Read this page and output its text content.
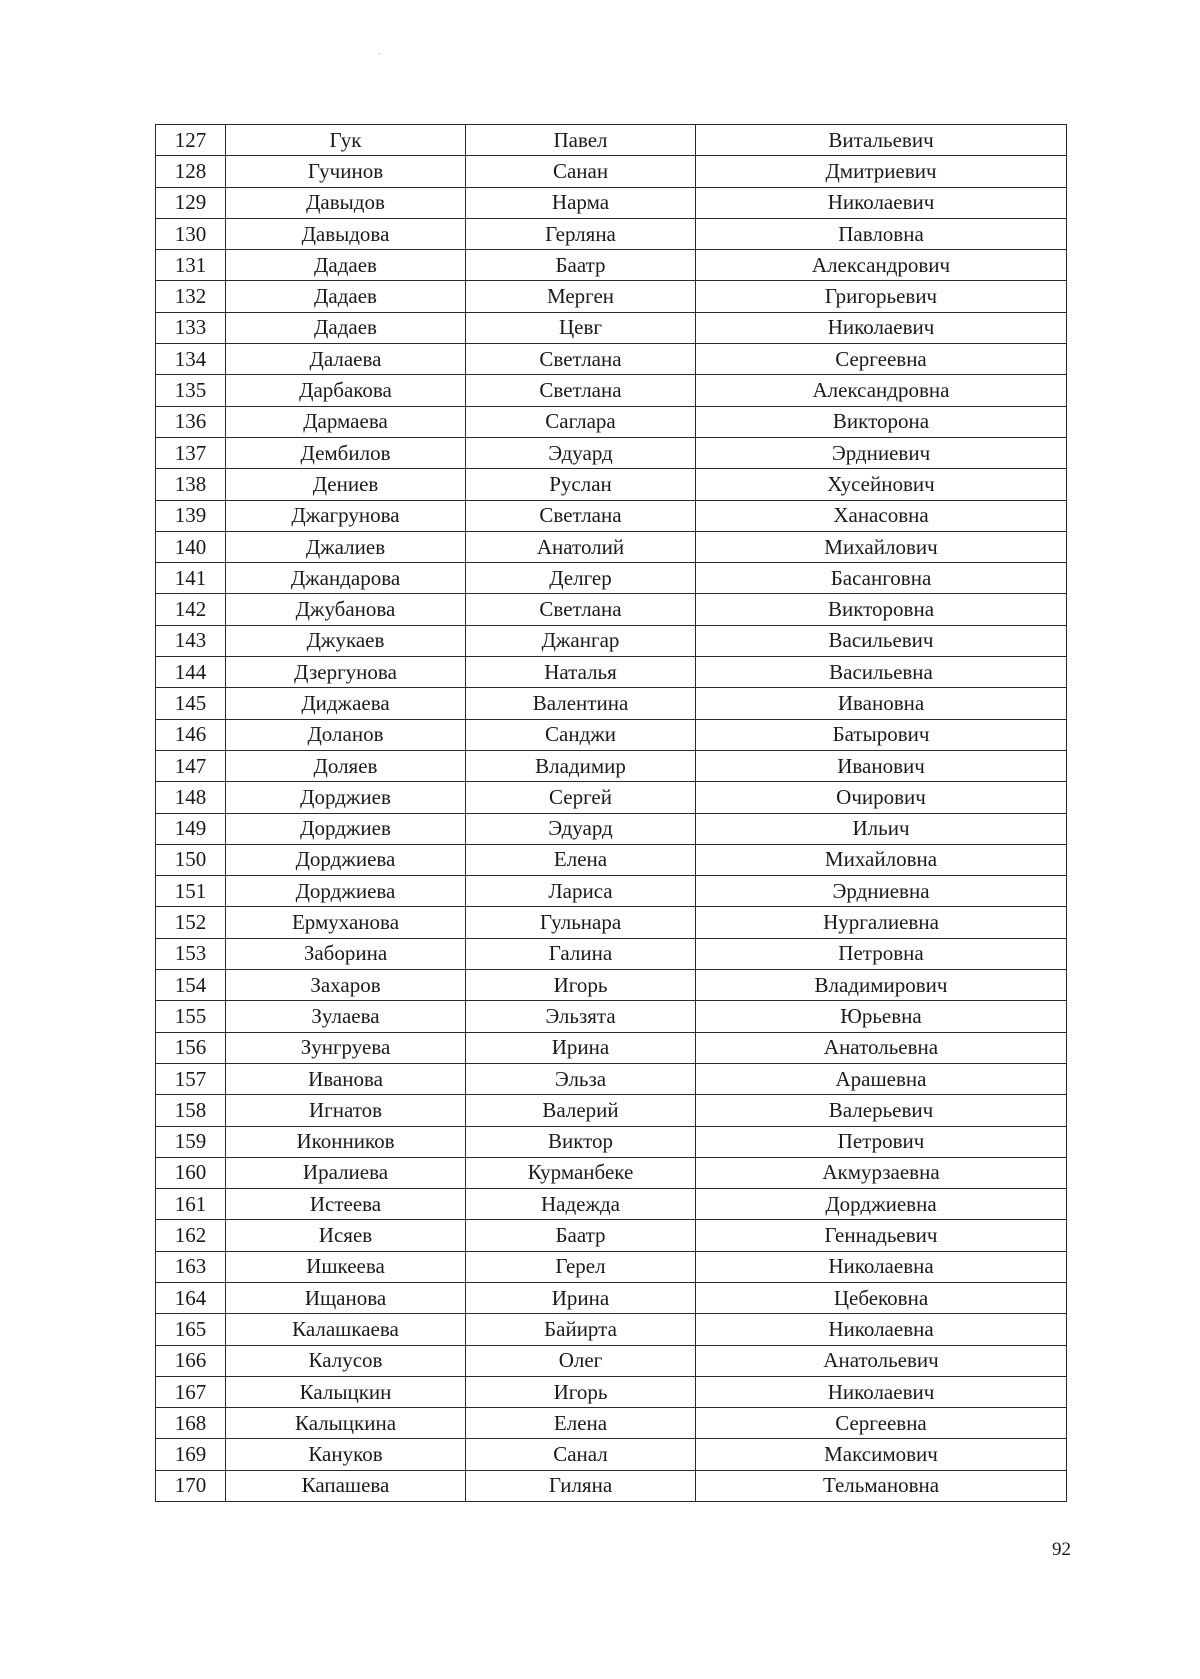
127	Гук	Павел	Витальевич
128	Гучинов	Санан	Дмитриевич
129	Давыдов	Нарма	Николаевич
130	Давыдова	Герляна	Павловна
131	Дадаев	Баатр	Александрович
132	Дадаев	Мерген	Григорьевич
133	Дадаев	Цевг	Николаевич
134	Далаева	Светлана	Сергеевна
135	Дарбакова	Светлана	Александровна
136	Дармаева	Саглара	Викторона
137	Дембилов	Эдуард	Эрдниевич
138	Дениев	Руслан	Хусейнович
139	Джагрунова	Светлана	Ханасовна
140	Джалиев	Анатолий	Михайлович
141	Джандарова	Делгер	Басанговна
142	Джубанова	Светлана	Викторовна
143	Джукаев	Джангар	Васильевич
144	Дзергунова	Наталья	Васильевна
145	Диджаева	Валентина	Ивановна
146	Доланов	Санджи	Батырович
147	Доляев	Владимир	Иванович
148	Дорджиев	Сергей	Очирович
149	Дорджиев	Эдуард	Ильич
150	Дорджиева	Елена	Михайловна
151	Дорджиева	Лариса	Эрдниевна
152	Ермуханова	Гульнара	Нургалиевна
153	Заборина	Галина	Петровна
154	Захаров	Игорь	Владимирович
155	Зулаева	Эльзята	Юрьевна
156	Зунгруева	Ирина	Анатольевна
157	Иванова	Эльза	Арашевна
158	Игнатов	Валерий	Валерьевич
159	Иконников	Виктор	Петрович
160	Иралиева	Курманбеке	Акмурзаевна
161	Истеева	Надежда	Дорджиевна
162	Исяев	Баатр	Геннадьевич
163	Ишкеева	Герел	Николаевна
164	Ищанова	Ирина	Цебековна
165	Калашкаева	Байирта	Николаевна
166	Калусов	Олег	Анатольевич
167	Калыцкин	Игорь	Николаевич
168	Калыцкина	Елена	Сергеевна
169	Кануков	Санал	Максимович
170	Капашева	Гиляна	Тельмановна
92
